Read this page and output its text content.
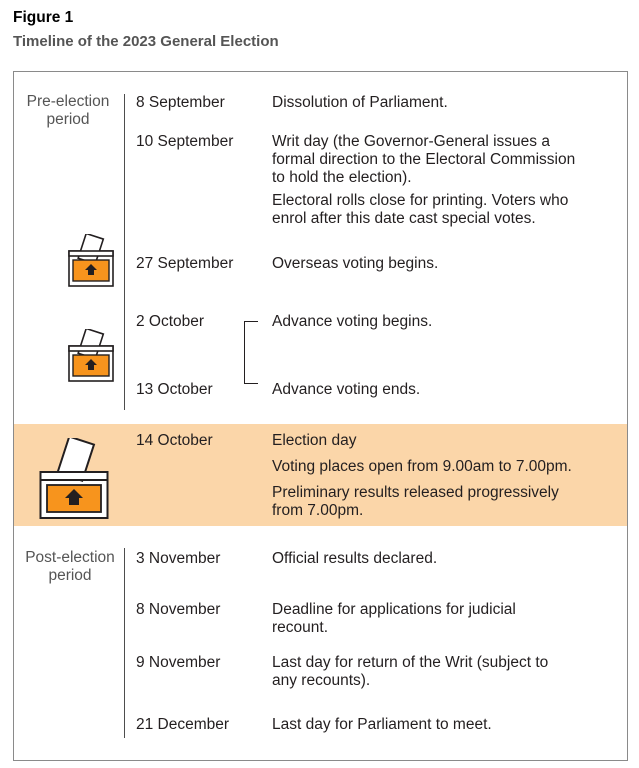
Figure 1
Timeline of the 2023 General Election
Pre-election
period
Post-election
period
8 September
10 September
27 September
2 October
13 October
14 October
3 November
8 November
9 November
21 December
Dissolution of Parliament.
Writ day (the Governor-General issues a
formal direction to the Electoral Commission
to hold the election).
Electoral rolls close for printing. Voters who
enrol after this date cast special votes.
Overseas voting begins.
Advance voting begins.
Advance voting ends.
Election day
Voting places open from 9.00am to 7.00pm.
Preliminary results released progressively
from 7.00pm.
Official results declared.
Deadline for applications for judicial
recount.
Last day for return of the Writ (subject to
any recounts).
Last day for Parliament to meet.
